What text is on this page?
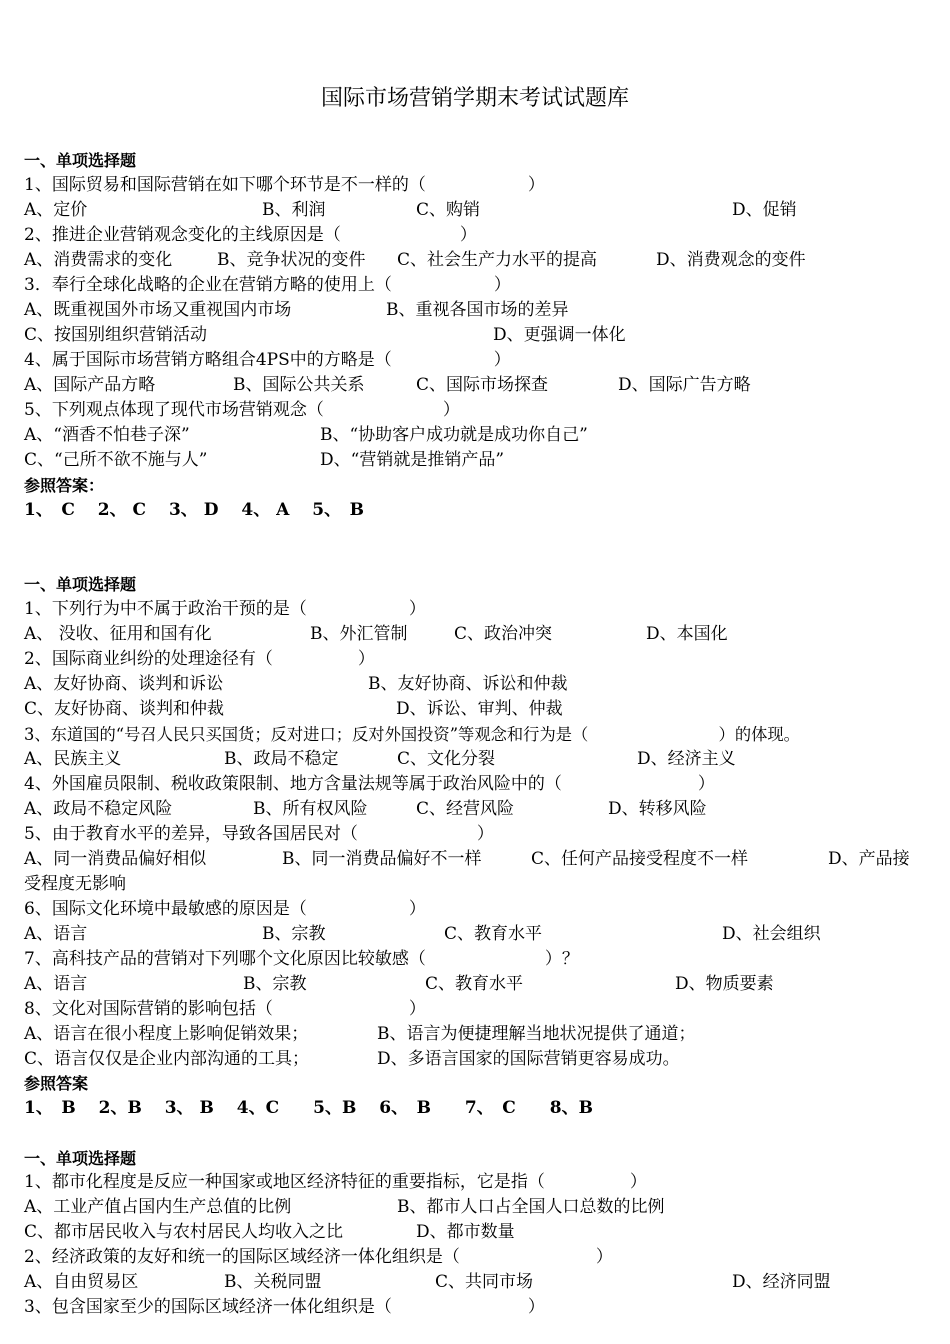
国际市场营销学期末考试试题库
一、单项选择题
1、国际贸易和国际营销在如下哪个环节是不一样的（　　　　　　）
A、定价	B、利润	C、购销	D、促销
2、推进企业营销观念变化的主线原因是（　　　　　　　）
A、消费需求的变化	B、竞争状况的变件 C、社会生产力水平的提高	D、消费观念的变件
3．奉行全球化战略的企业在营销方略的使用上（　　　　　　）
A、既重视国外市场又重视国内市场	B、重视各国市场的差异
C、按国别组织营销活动	D、更强调一体化
4、属于国际市场营销方略组合4PS中的方略是（　　　　　　）
A、国际产品方略	B、国际公共关系	C、国际市场探查	D、国际广告方略
5、下列观点体现了现代市场营销观念（　　　　　　　）
A、“酒香不怕巷子深”	B、“协助客户成功就是成功你自己”
C、“己所不欲不施与人”	D、“营销就是推销产品”
参照答案：
1、　C　 2、 C　 3、 D　 4、 A　 5、　B
一、单项选择题
1、下列行为中不属于政治干预的是（　　　　　　）
A、 没收、征用和国有化	B、外汇管制	C、政治冲突	D、本国化
2、国际商业纠纷的处理途径有（　　　　　）
A、友好协商、谈判和诉讼	B、友好协商、诉讼和仲裁
C、友好协商、谈判和仲裁	D、诉讼、审判、仲裁
3、东道国的“号召人民只买国货；反对进口；反对外国投资”等观念和行为是（　　　　　　　　）的体现。
A、民族主义	B、政局不稳定	C、文化分裂	D、经济主义
4、外国雇员限制、税收政策限制、地方含量法规等属于政治风险中的（　　　　　　　　）
A、政局不稳定风险	B、所有权风险	C、经营风险	D、转移风险
5、由于教育水平的差异，导致各国居民对（　　　　　　　）
A、同一消费品偏好相似	B、同一消费品偏好不一样	C、任何产品接受程度不一样	D、产品接
受程度无影响
6、国际文化环境中最敏感的原因是（　　　　　　）
A、语言	B、宗教	C、教育水平	D、社会组织
7、高科技产品的营销对下列哪个文化原因比较敏感（　　　　　　　）？
A、语言	B、宗教	C、教育水平	D、物质要素
8、文化对国际营销的影响包括（　　　　　　　　）
A、语言在很小程度上影响促销效果；	B、语言为便捷理解当地状况提供了通道；
C、语言仅仅是企业内部沟通的工具；	D、多语言国家的国际营销更容易成功。
参照答案
1、　B　 2、B　 3、 B　 4、C　　5、B　 6、　B　　7、　C　　8、B
一、单项选择题
1、都市化程度是反应一种国家或地区经济特征的重要指标，它是指（　　　　　）
A、工业产值占国内生产总值的比例	B、都市人口占全国人口总数的比例
C、都市居民收入与农村居民人均收入之比	D、都市数量
2、经济政策的友好和统一的国际区域经济一体化组织是（　　　　　　　　）
A、自由贸易区	B、关税同盟	C、共同市场	D、经济同盟
3、包含国家至少的国际区域经济一体化组织是（　　　　　　　　）
